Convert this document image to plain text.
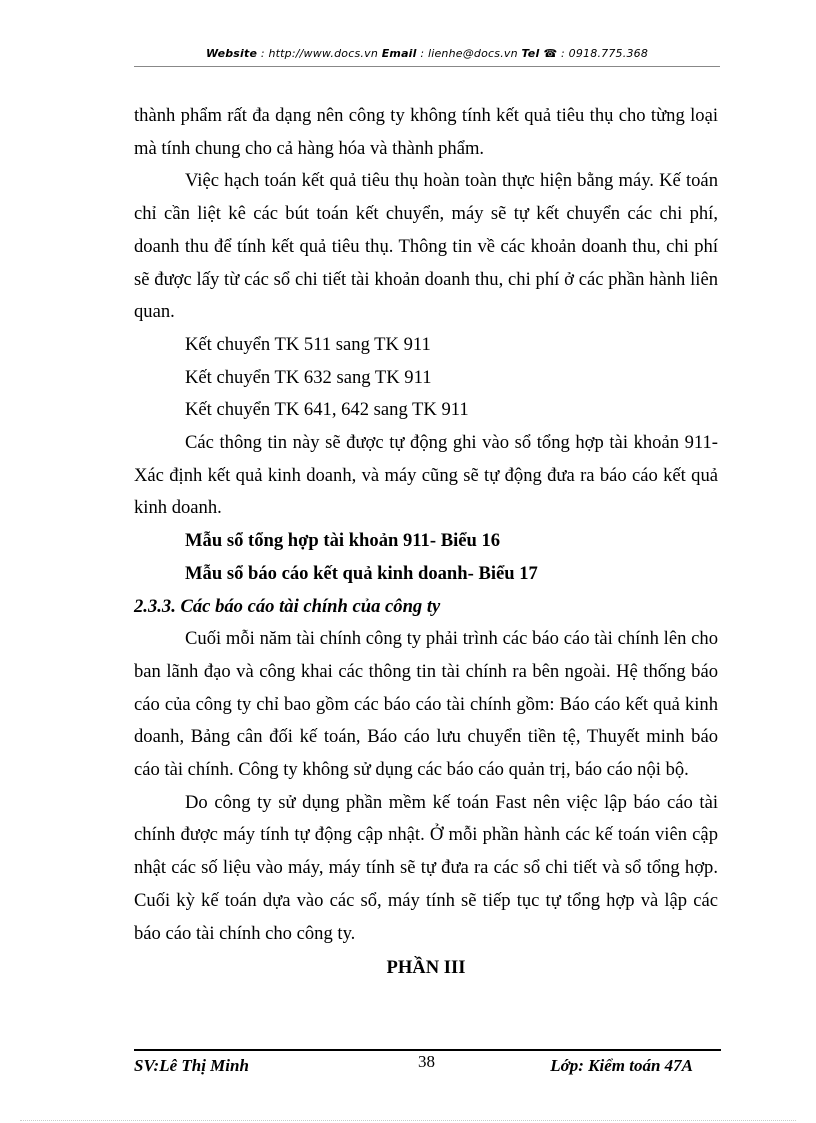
Website : http://www.docs.vn Email : lienhe@docs.vn Tel ☎ : 0918.775.368

thành phẩm rất đa dạng nên công ty không tính kết quả tiêu thụ cho từng loại mà tính chung cho cả hàng hóa và thành phẩm.

Việc hạch toán kết quả tiêu thụ hoàn toàn thực hiện bằng máy. Kế toán chỉ cần liệt kê các bút toán kết chuyển, máy sẽ tự kết chuyển các chi phí, doanh thu để tính kết quả tiêu thụ. Thông tin về các khoản doanh thu, chi phí sẽ được lấy từ các sổ chi tiết tài khoản doanh thu, chi phí ở các phần hành liên quan.

Kết chuyển TK 511 sang TK 911

Kết chuyển TK 632 sang TK 911

Kết chuyển TK 641, 642 sang TK 911

Các thông tin này sẽ được tự động ghi vào sổ tổng hợp tài khoản 911- Xác định kết quả kinh doanh, và máy cũng sẽ tự động đưa ra báo cáo kết quả kinh doanh.

Mẫu sổ tổng hợp tài khoản 911- Biểu 16

Mẫu sổ báo cáo kết quả kinh doanh- Biểu 17

2.3.3. Các báo cáo tài chính của công ty

Cuối mỗi năm tài chính công ty phải trình các báo cáo tài chính lên cho ban lãnh đạo và công khai các thông tin tài chính ra bên ngoài. Hệ thống báo cáo của công ty chỉ bao gồm các báo cáo tài chính gồm: Báo cáo kết quả kinh doanh, Bảng cân đối kế toán, Báo cáo lưu chuyển tiền tệ, Thuyết minh báo cáo tài chính. Công ty không sử dụng các báo cáo quản trị, báo cáo nội bộ.

Do công ty sử dụng phần mềm kế toán Fast nên việc lập báo cáo tài chính được máy tính tự động cập nhật. Ở mỗi phần hành các kế toán viên cập nhật các số liệu vào máy, máy tính sẽ tự đưa ra các sổ chi tiết và sổ tổng hợp. Cuối kỳ kế toán dựa vào các sổ, máy tính sẽ tiếp tục tự tổng hợp và lập các báo cáo tài chính cho công ty.

PHẦN III

SV:Lê Thị Minh	38	Lớp: Kiểm toán 47A
